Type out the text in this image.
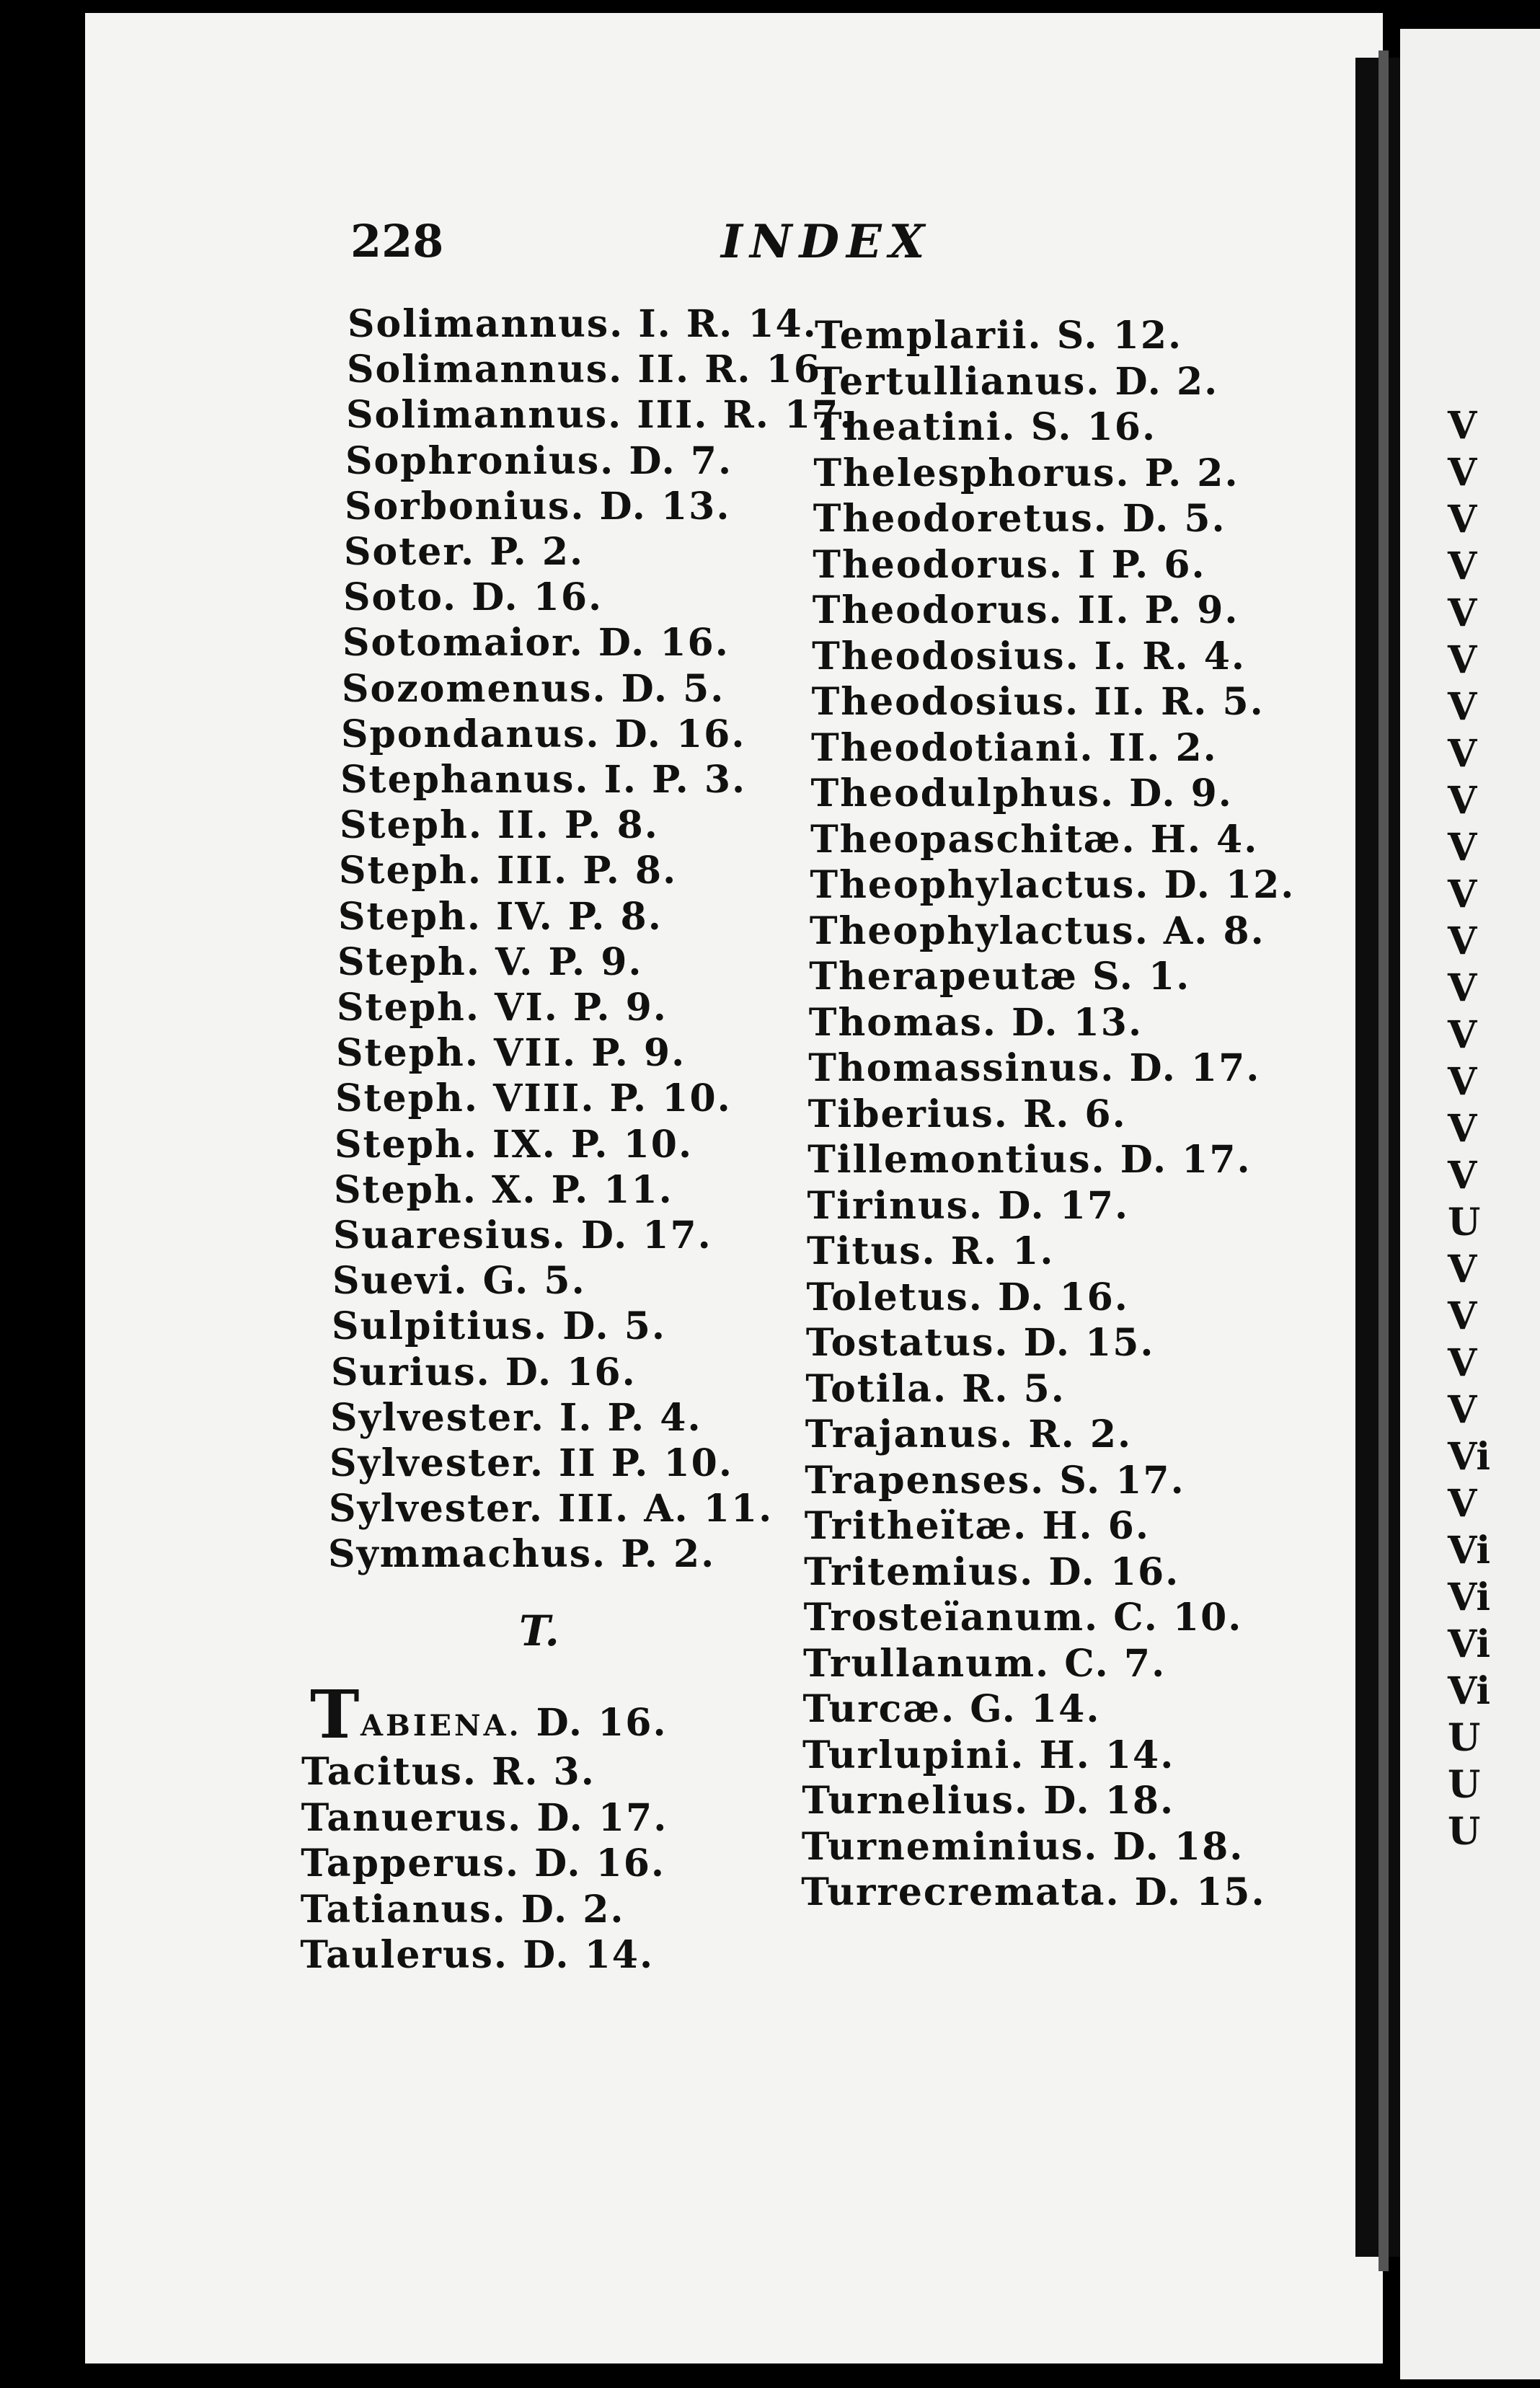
V
V
V
V
V
V
V
V
V
V
V
V
V
V
V
V
V
U
V
V
V
V
Vi
V
Vi
Vi
Vi
Vi
U
U
U
228	INDEX
Solimannus. I. R. 14.
Solimannus. II. R. 16.
Solimannus. III. R. 17.
Sophronius. D. 7.
Sorbonius. D. 13.
Soter. P. 2.
Soto. D. 16.
Sotomaior. D. 16.
Sozomenus. D. 5.
Spondanus. D. 16.
Stephanus. I. P. 3.
Steph. II. P. 8.
Steph. III. P. 8.
Steph. IV. P. 8.
Steph. V. P. 9.
Steph. VI. P. 9.
Steph. VII. P. 9.
Steph. VIII. P. 10.
Steph. IX. P. 10.
Steph. X. P. 11.
Suaresius. D. 17.
Suevi. G. 5.
Sulpitius. D. 5.
Surius. D. 16.
Sylvester. I. P. 4.
Sylvester. II P. 10.
Sylvester. III. A. 11.
Symmachus. P. 2.
T.
T ABIENA. D. 16.
Tacitus. R. 3.
Tanuerus. D. 17.
Tapperus. D. 16.
Tatianus. D. 2.
Taulerus. D. 14.
Templarii. S. 12.
Tertullianus. D. 2.
Theatini. S. 16.
Thelesphorus. P. 2.
Theodoretus. D. 5.
Theodorus. I P. 6.
Theodorus. II. P. 9.
Theodosius. I. R. 4.
Theodosius. II. R. 5.
Theodotiani. II. 2.
Theodulphus. D. 9.
Theopaschitæ. H. 4.
Theophylactus. D. 12.
Theophylactus. A. 8.
Therapeutæ S. 1.
Thomas. D. 13.
Thomassinus. D. 17.
Tiberius. R. 6.
Tillemontius. D. 17.
Tirinus. D. 17.
Titus. R. 1.
Toletus. D. 16.
Tostatus. D. 15.
Totila. R. 5.
Trajanus. R. 2.
Trapenses. S. 17.
Tritheïtæ. H. 6.
Tritemius. D. 16.
Trosteïanum. C. 10.
Trullanum. C. 7.
Turcæ. G. 14.
Turlupini. H. 14.
Turnelius. D. 18.
Turneminius. D. 18.
Turrecremata. D. 15.
